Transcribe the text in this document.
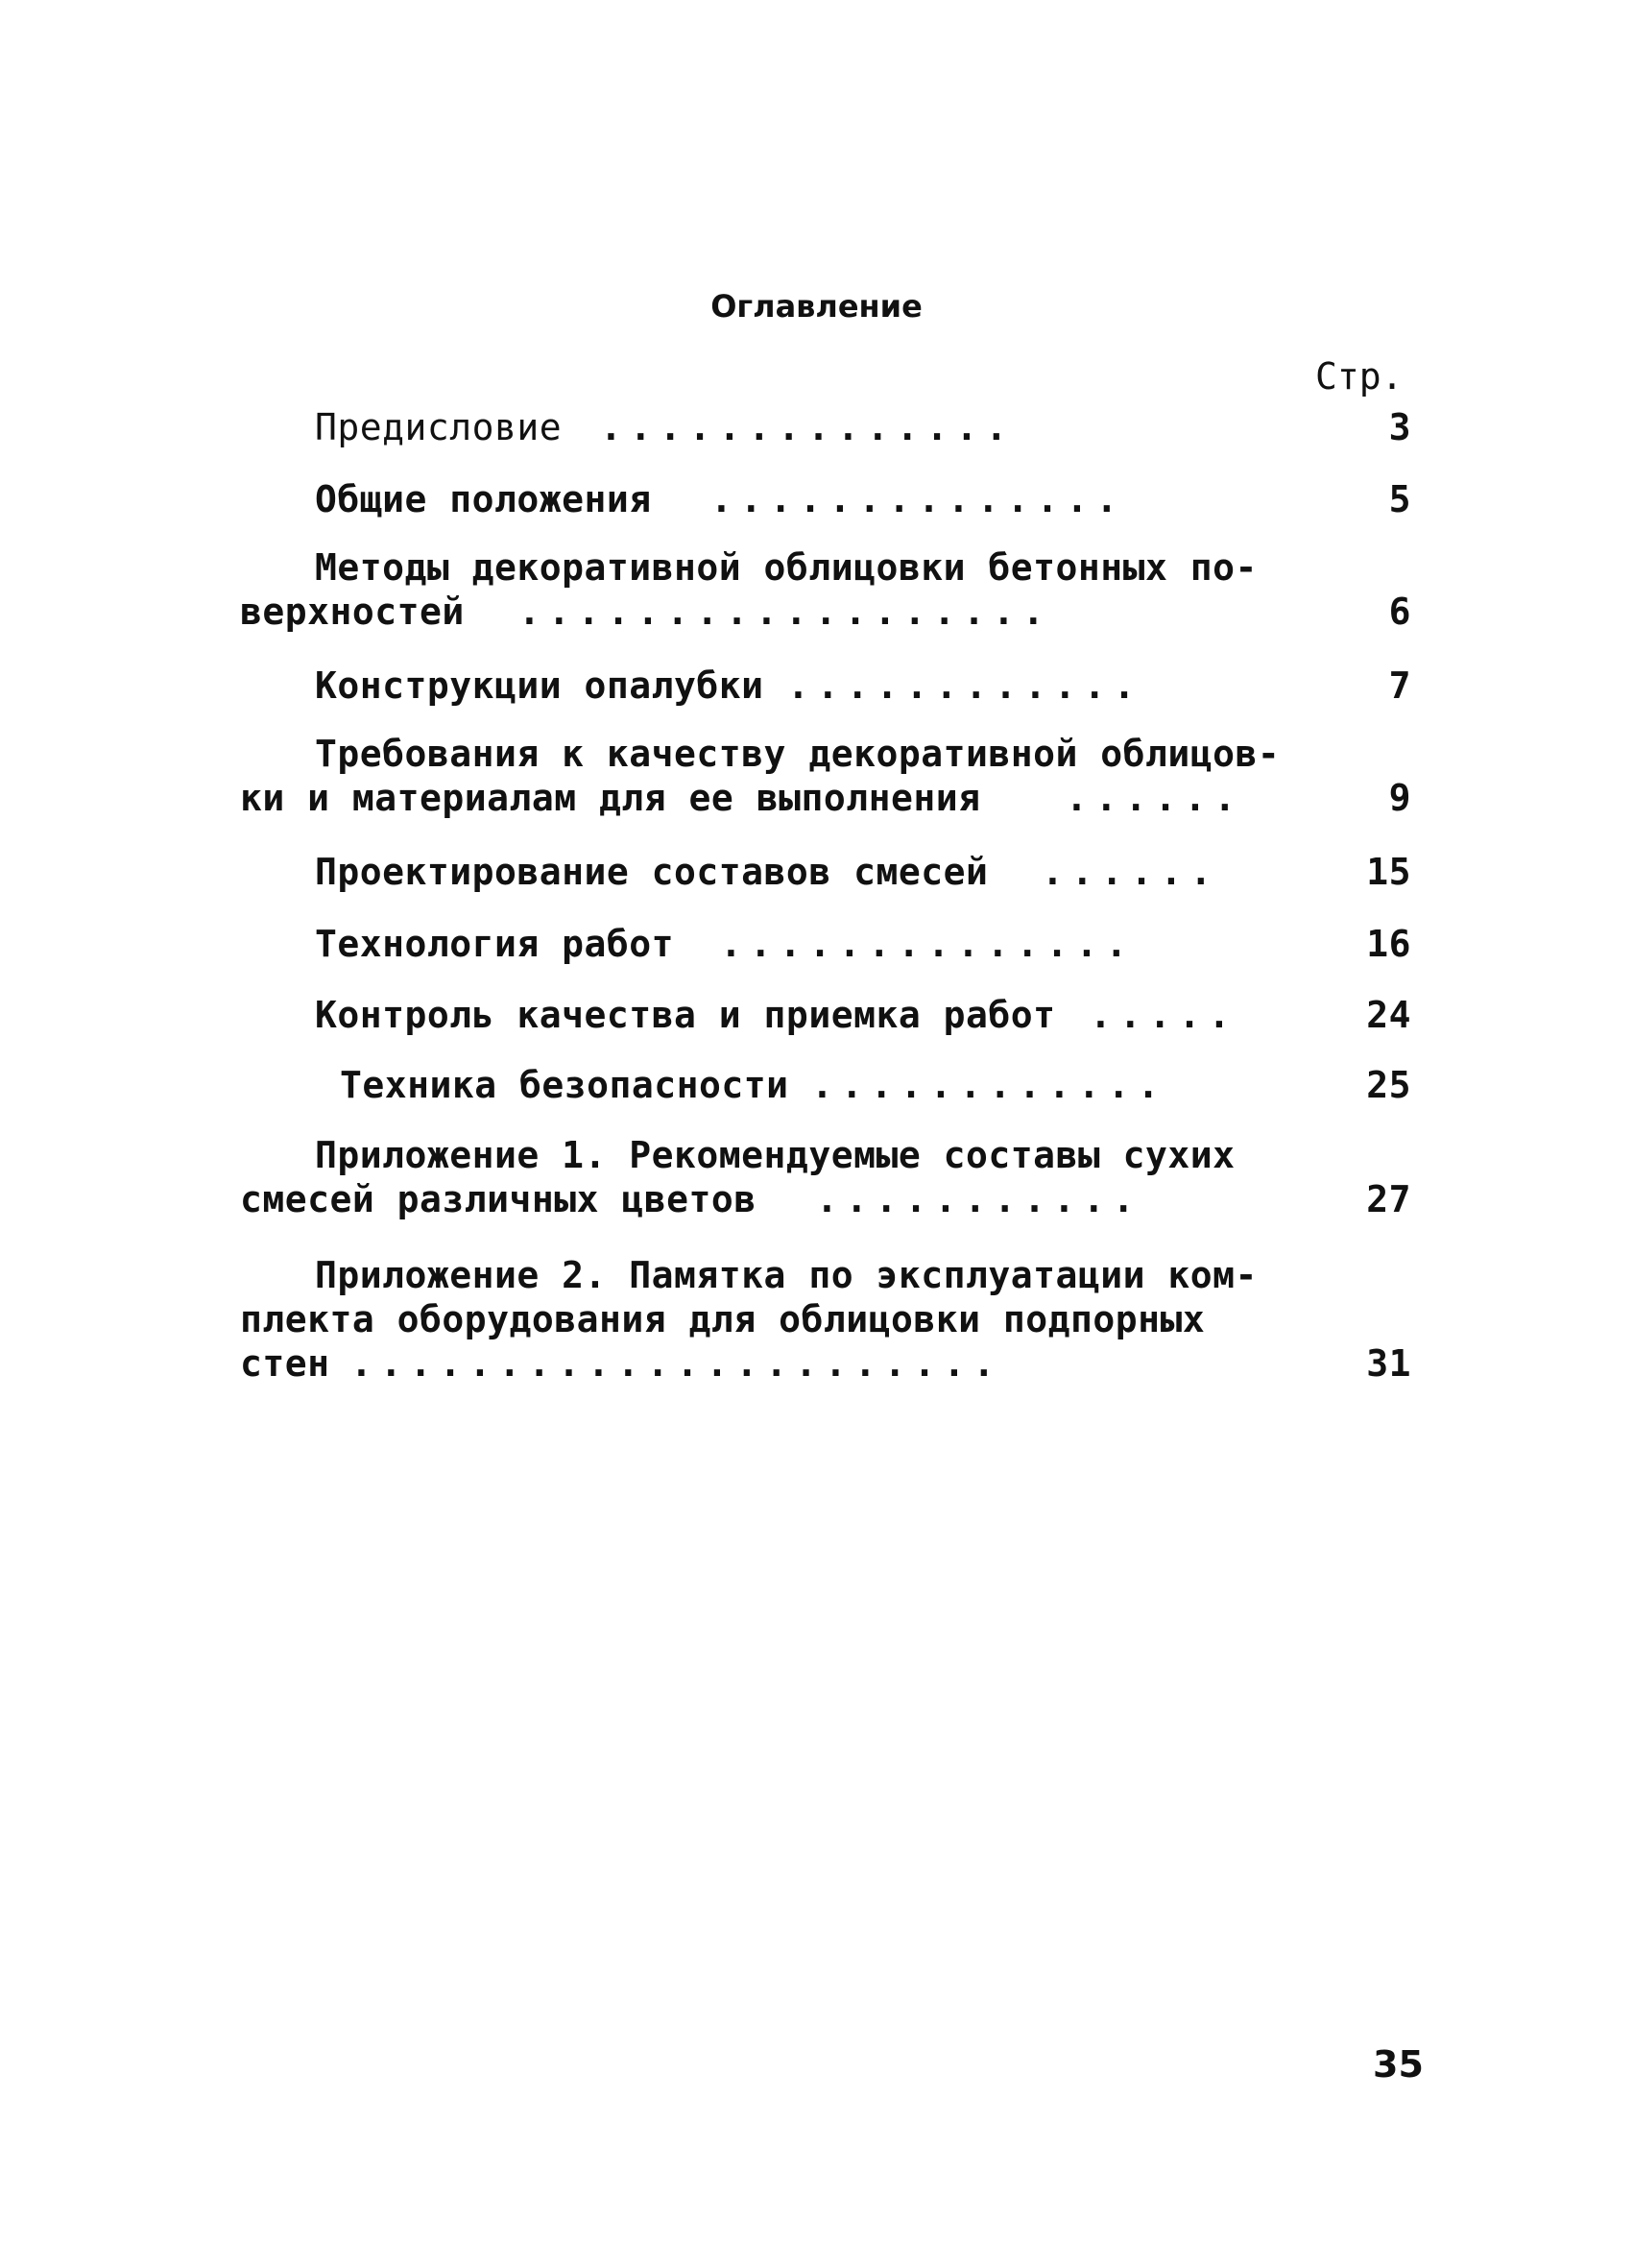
Оглавление
Стр.
Предисловие ..............	3
Общие положения ..............	5
Методы декоративной облицовки бетонных по-
верхностей ..................	6
Конструкции опалубки ............	7
Требования к качеству декоративной облицов-
ки и материалам для ее выполнения ......	9
Проектирование составов смесей ......	15
Технология работ ..............	16
Контроль качества и приемка работ .....	24
Техника безопасности ............	25
Приложение 1. Рекомендуемые составы сухих
смесей различных цветов ...........	27
Приложение 2. Памятка по эксплуатации ком-
плекта оборудования для облицовки подпорных
стен ......................	31
35
